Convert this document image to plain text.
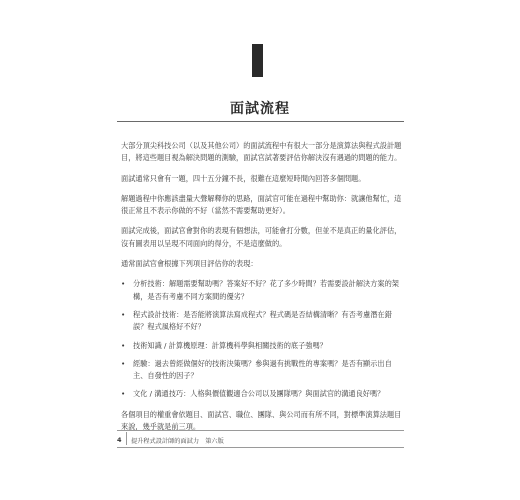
面試流程

大部分頂尖科技公司（以及其他公司）的面試流程中有很大一部分是演算法與程式設計題目，將這些題目視為解決問題的測驗，面試官試著要評估你解決沒有遇過的問題的能力。

面試通常只會有一題，四十五分鐘不長，很難在這麼短時間內回答多個問題。

解題過程中你應該盡量大聲解釋你的思路，面試官可能在過程中幫助你：就讓他幫忙，這很正常且不表示你做的不好（當然不需要幫助更好）。

面試完成後，面試官會對你的表現有個想法，可能會打分數，但並不是真正的量化評估，沒有圖表用以呈現不同面向的得分，不是這麼做的。

通常面試官會根據下列項目評估你的表現：

• 分析技術：解題需要幫助嗎？答案好不好？花了多少時間？若需要設計解決方案的架構，是否有考慮不同方案間的優劣？
• 程式設計技術：是否能將演算法寫成程式？程式碼是否結構清晰？有否考慮潛在錯誤？程式風格好不好？
• 技術知識 / 計算機原理：計算機科學與相關技術的底子強嗎？
• 經驗：過去曾經做個好的技術決策嗎？參與過有挑戰性的專案嗎？是否有顯示出自主、自發性的因子？
• 文化 / 溝通技巧：人格與價值觀適合公司以及團隊嗎？與面試官的溝通良好嗎？

各個項目的權重會依題目、面試官、職位、團隊、與公司而有所不同，對標準演算法題目來說，幾乎就是前三項。

4 提升程式設計師的面試力　第六版
